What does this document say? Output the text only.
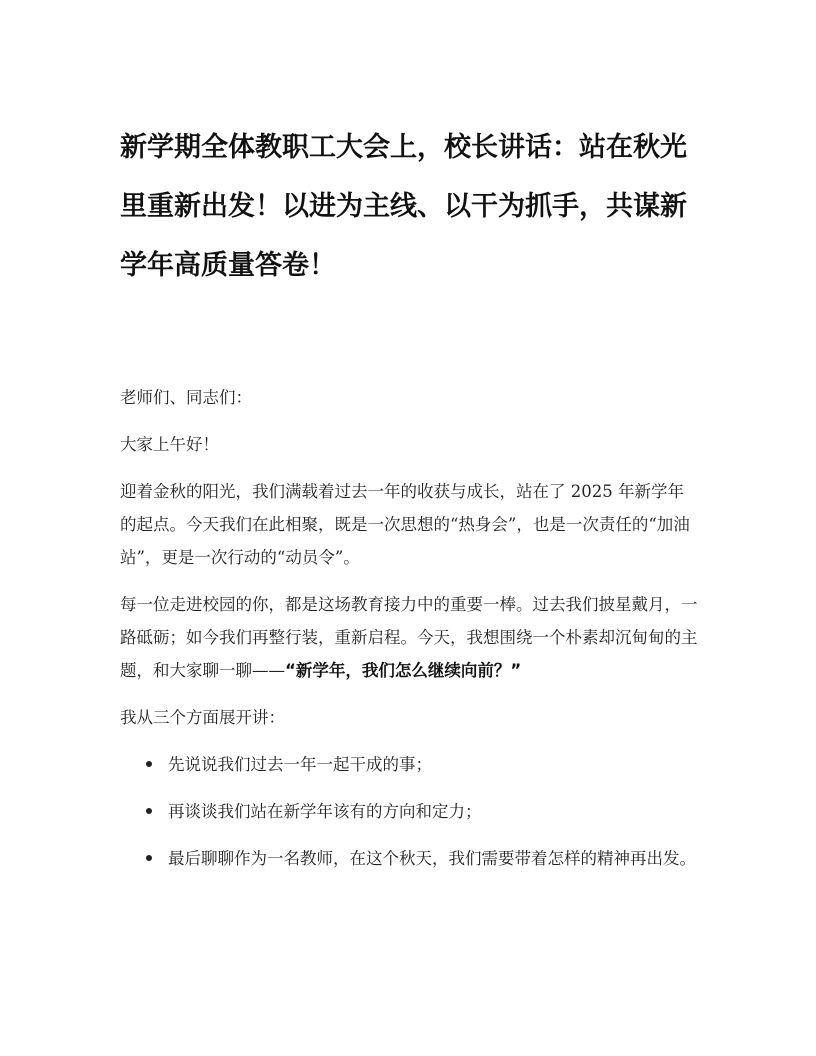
新学期全体教职工大会上，校长讲话：站在秋光里重新出发！以进为主线、以干为抓手，共谋新学年高质量答卷！

老师们、同志们：

大家上午好！

迎着金秋的阳光，我们满载着过去一年的收获与成长，站在了 2025 年新学年的起点。今天我们在此相聚，既是一次思想的“热身会”，也是一次责任的“加油站”，更是一次行动的“动员令”。

每一位走进校园的你，都是这场教育接力中的重要一棒。过去我们披星戴月，一路砥砺；如今我们再整行装，重新启程。今天，我想围绕一个朴素却沉甸甸的主题，和大家聊一聊——“新学年，我们怎么继续向前？”

我从三个方面展开讲：

先说说我们过去一年一起干成的事；
再谈谈我们站在新学年该有的方向和定力；
最后聊聊作为一名教师，在这个秋天，我们需要带着怎样的精神再出发。
